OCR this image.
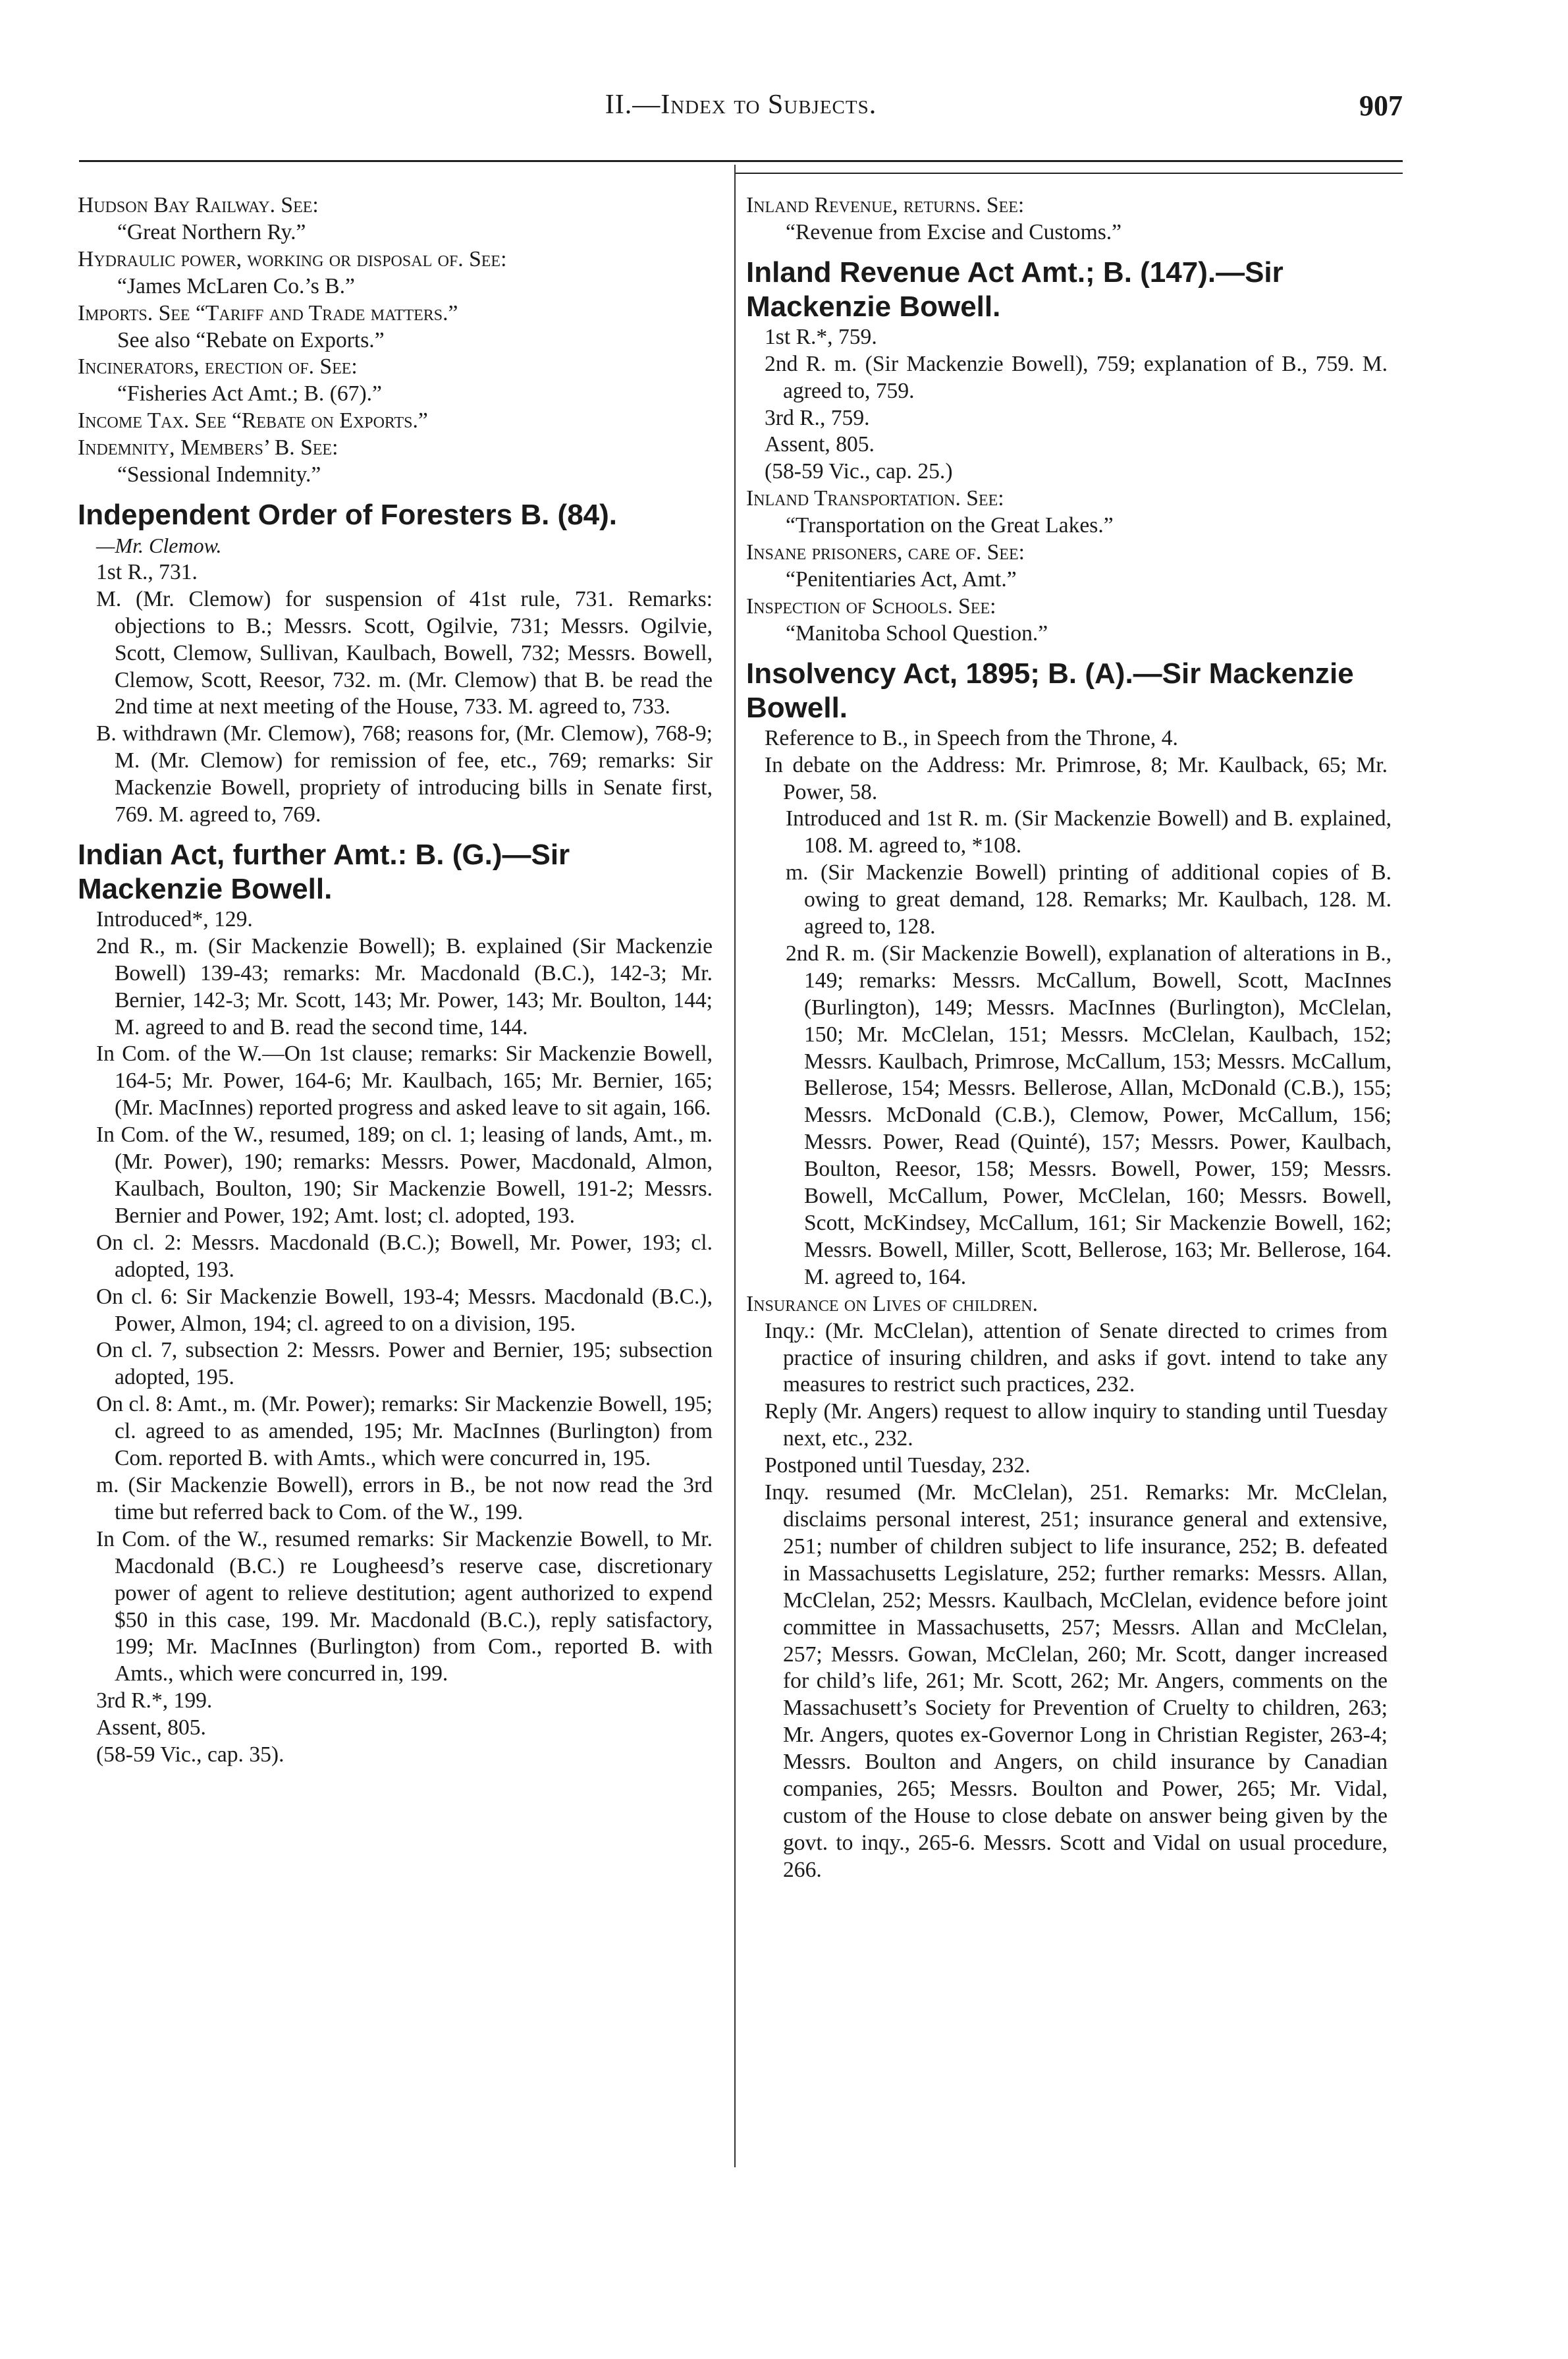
II.—Index to Subjects.	907

Hudson Bay Railway. See:

“Great Northern Ry.”

Hydraulic power, working or disposal of. See:

“James McLaren Co.’s B.”

Imports. See “Tariff and Trade matters.”

See also “Rebate on Exports.”

Incinerators, erection of. See:

“Fisheries Act Amt.; B. (67).”

Income Tax. See “Rebate on Exports.”

Indemnity, Members’ B. See:

“Sessional Indemnity.”

Independent Order of Foresters B. (84).

—Mr. Clemow.

1st R., 731.

M. (Mr. Clemow) for suspension of 41st rule, 731. Remarks: objections to B.; Messrs. Scott, Ogilvie, 731; Messrs. Ogilvie, Scott, Clemow, Sullivan, Kaulbach, Bowell, 732; Messrs. Bowell, Clemow, Scott, Reesor, 732. m. (Mr. Clemow) that B. be read the 2nd time at next meeting of the House, 733. M. agreed to, 733.

B. withdrawn (Mr. Clemow), 768; reasons for, (Mr. Clemow), 768-9; M. (Mr. Clemow) for remission of fee, etc., 769; remarks: Sir Mackenzie Bowell, propriety of introducing bills in Senate first, 769. M. agreed to, 769.

Indian Act, further Amt.: B. (G.)—Sir Mackenzie Bowell.

Introduced*, 129.

2nd R., m. (Sir Mackenzie Bowell); B. explained (Sir Mackenzie Bowell) 139-43; remarks: Mr. Macdonald (B.C.), 142-3; Mr. Bernier, 142-3; Mr. Scott, 143; Mr. Power, 143; Mr. Boulton, 144; M. agreed to and B. read the second time, 144.

In Com. of the W.—On 1st clause; remarks: Sir Mackenzie Bowell, 164-5; Mr. Power, 164-6; Mr. Kaulbach, 165; Mr. Bernier, 165; (Mr. MacInnes) reported progress and asked leave to sit again, 166.

In Com. of the W., resumed, 189; on cl. 1; leasing of lands, Amt., m. (Mr. Power), 190; remarks: Messrs. Power, Macdonald, Almon, Kaulbach, Boulton, 190; Sir Mackenzie Bowell, 191-2; Messrs. Bernier and Power, 192; Amt. lost; cl. adopted, 193.

On cl. 2: Messrs. Macdonald (B.C.); Bowell, Mr. Power, 193; cl. adopted, 193.

On cl. 6: Sir Mackenzie Bowell, 193-4; Messrs. Macdonald (B.C.), Power, Almon, 194; cl. agreed to on a division, 195.

On cl. 7, subsection 2: Messrs. Power and Bernier, 195; subsection adopted, 195.

On cl. 8: Amt., m. (Mr. Power); remarks: Sir Mackenzie Bowell, 195; cl. agreed to as amended, 195; Mr. MacInnes (Burlington) from Com. reported B. with Amts., which were concurred in, 195.

m. (Sir Mackenzie Bowell), errors in B., be not now read the 3rd time but referred back to Com. of the W., 199.

In Com. of the W., resumed remarks: Sir Mackenzie Bowell, to Mr. Macdonald (B.C.) re Lougheesd’s reserve case, discretionary power of agent to relieve destitution; agent authorized to expend $50 in this case, 199. Mr. Macdonald (B.C.), reply satisfactory, 199; Mr. MacInnes (Burlington) from Com., reported B. with Amts., which were concurred in, 199.

3rd R.*, 199.

Assent, 805.

(58-59 Vic., cap. 35).

Inland Revenue, returns. See:

“Revenue from Excise and Customs.”

Inland Revenue Act Amt.; B. (147).—Sir Mackenzie Bowell.

1st R.*, 759.

2nd R. m. (Sir Mackenzie Bowell), 759; explanation of B., 759. M. agreed to, 759.

3rd R., 759.

Assent, 805.

(58-59 Vic., cap. 25.)

Inland Transportation. See:

“Transportation on the Great Lakes.”

Insane prisoners, care of. See:

“Penitentiaries Act, Amt.”

Inspection of Schools. See:

“Manitoba School Question.”

Insolvency Act, 1895; B. (A).—Sir Mackenzie Bowell.

Reference to B., in Speech from the Throne, 4.

In debate on the Address: Mr. Primrose, 8; Mr. Kaulback, 65; Mr. Power, 58.

Introduced and 1st R. m. (Sir Mackenzie Bowell) and B. explained, 108. M. agreed to, *108.

m. (Sir Mackenzie Bowell) printing of additional copies of B. owing to great demand, 128. Remarks; Mr. Kaulbach, 128. M. agreed to, 128.

2nd R. m. (Sir Mackenzie Bowell), explanation of alterations in B., 149; remarks: Messrs. McCallum, Bowell, Scott, MacInnes (Burlington), 149; Messrs. MacInnes (Burlington), McClelan, 150; Mr. McClelan, 151; Messrs. McClelan, Kaulbach, 152; Messrs. Kaulbach, Primrose, McCallum, 153; Messrs. McCallum, Bellerose, 154; Messrs. Bellerose, Allan, McDonald (C.B.), 155; Messrs. McDonald (C.B.), Clemow, Power, McCallum, 156; Messrs. Power, Read (Quinté), 157; Messrs. Power, Kaulbach, Boulton, Reesor, 158; Messrs. Bowell, Power, 159; Messrs. Bowell, McCallum, Power, McClelan, 160; Messrs. Bowell, Scott, McKindsey, McCallum, 161; Sir Mackenzie Bowell, 162; Messrs. Bowell, Miller, Scott, Bellerose, 163; Mr. Bellerose, 164. M. agreed to, 164.

Insurance on Lives of children.

Inqy.: (Mr. McClelan), attention of Senate directed to crimes from practice of insuring children, and asks if govt. intend to take any measures to restrict such practices, 232.

Reply (Mr. Angers) request to allow inquiry to standing until Tuesday next, etc., 232.

Postponed until Tuesday, 232.

Inqy. resumed (Mr. McClelan), 251. Remarks: Mr. McClelan, disclaims personal interest, 251; insurance general and extensive, 251; number of children subject to life insurance, 252; B. defeated in Massachusetts Legislature, 252; further remarks: Messrs. Allan, McClelan, 252; Messrs. Kaulbach, McClelan, evidence before joint committee in Massachusetts, 257; Messrs. Allan and McClelan, 257; Messrs. Gowan, McClelan, 260; Mr. Scott, danger increased for child’s life, 261; Mr. Scott, 262; Mr. Angers, comments on the Massachusett’s Society for Prevention of Cruelty to children, 263; Mr. Angers, quotes ex-Governor Long in Christian Register, 263-4; Messrs. Boulton and Angers, on child insurance by Canadian companies, 265; Messrs. Boulton and Power, 265; Mr. Vidal, custom of the House to close debate on answer being given by the govt. to inqy., 265-6. Messrs. Scott and Vidal on usual procedure, 266.
